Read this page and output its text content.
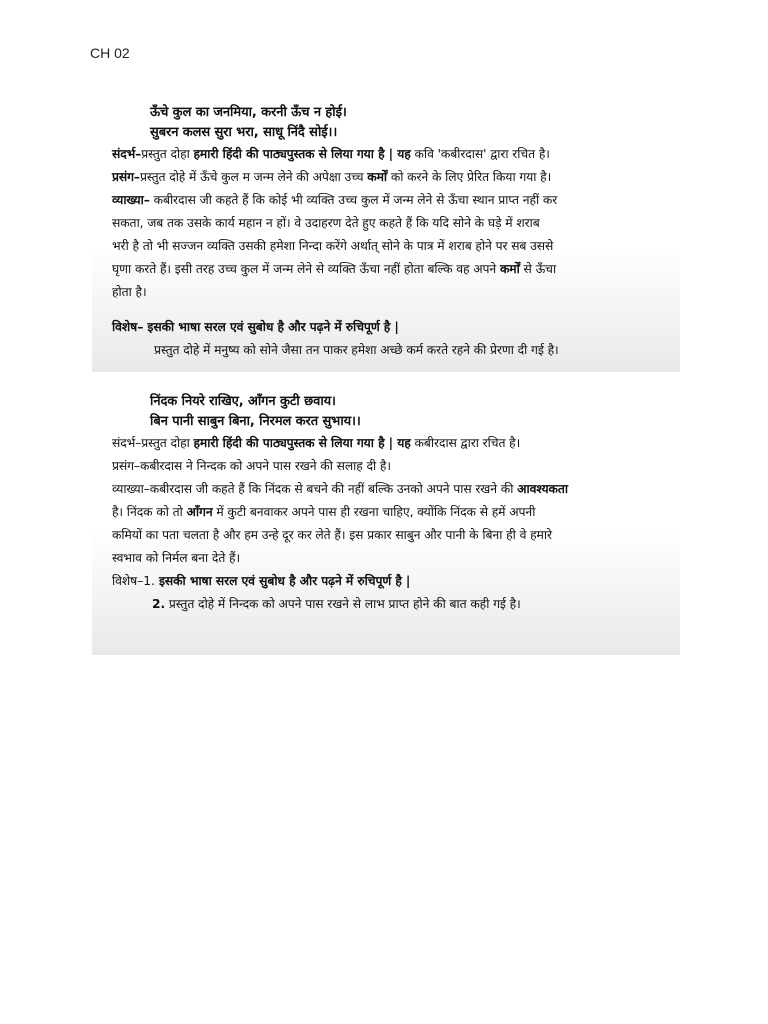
CH 02
ऊँचे कुल का जनमिया, करनी ऊँच न होई।
सुबरन कलस सुरा भरा, साधू निंदै सोई।।
संदर्भ–प्रस्तुत दोहा हमारी हिंदी की पाठ्यपुस्तक से लिया गया है | यह कवि 'कबीरदास' द्वारा रचित है।
प्रसंग–प्रस्तुत दोहे में ऊँचे कुल म जन्म लेने की अपेक्षा उच्च कर्मों को करने के लिए प्रेरित किया गया है।
व्याख्या– कबीरदास जी कहते हैं कि कोई भी व्यक्ति उच्च कुल में जन्म लेने से ऊँचा स्थान प्राप्त नहीं कर
सकता, जब तक उसके कार्य महान न हों। वे उदाहरण देते हुए कहते हैं कि यदि सोने के घड़े में शराब
भरी है तो भी सज्जन व्यक्ति उसकी हमेशा निन्दा करेंगे अर्थात् सोने के पात्र में शराब होने पर सब उससे
घृणा करते हैं। इसी तरह उच्च कुल में जन्म लेने से व्यक्ति ऊँचा नहीं होता बल्कि वह अपने कर्मों से ऊँचा
होता है।
विशेष– इसकी भाषा सरल एवं सुबोध है और पढ़ने में रुचिपूर्ण है |
प्रस्तुत दोहे में मनुष्य को सोने जैसा तन पाकर हमेशा अच्छे कर्म करते रहने की प्रेरणा दी गई है।
निंदक नियरे राखिए, आँगन कुटी छवाय।
बिन पानी साबुन बिना, निरमल करत सुभाय।।
संदर्भ–प्रस्तुत दोहा हमारी हिंदी की पाठ्यपुस्तक से लिया गया है | यह कबीरदास द्वारा रचित है।
प्रसंग–कबीरदास ने निन्दक को अपने पास रखने की सलाह दी है।
व्याख्या–कबीरदास जी कहते हैं कि निंदक से बचने की नहीं बल्कि उनको अपने पास रखने की आवश्यकता
है। निंदक को तो आँगन में कुटी बनवाकर अपने पास ही रखना चाहिए, क्योंकि निंदक से हमें अपनी
कमियों का पता चलता है और हम उन्हे दूर कर लेते हैं। इस प्रकार साबुन और पानी के बिना ही वे हमारे
स्वभाव को निर्मल बना देते हैं।
विशेष–1. इसकी भाषा सरल एवं सुबोध है और पढ़ने में रुचिपूर्ण है |
2. प्रस्तुत दोहे में निन्दक को अपने पास रखने से लाभ प्राप्त होने की बात कही गई है।
